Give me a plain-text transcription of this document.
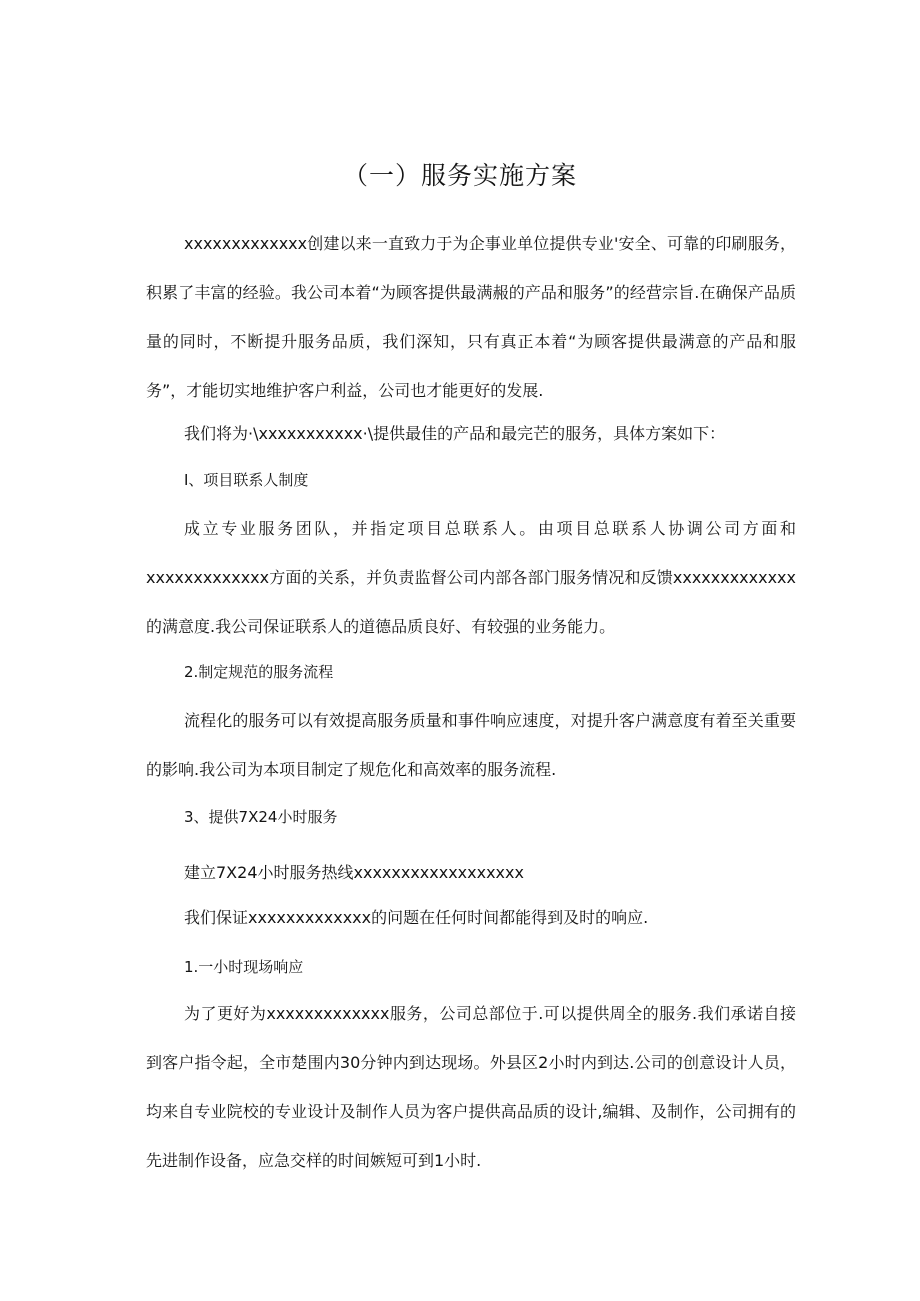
（一）服务实施方案

xxxxxxxxxxxxx创建以来一直致力于为企事业单位提供专业'安全、可靠的印刷服务，积累了丰富的经验。我公司本着“为顾客提供最满赧的产品和服务”的经营宗旨.在确保产品质量的同时，不断提升服务品质，我们深知，只有真正本着“为顾客提供最满意的产品和服务”，才能切实地维护客户利益，公司也才能更好的发展.

我们将为·\xxxxxxxxxxx·\提供最佳的产品和最完芒的服务，具体方案如下：

I、项目联系人制度

成立专业服务团队，并指定项目总联系人。由项目总联系人协调公司方面和xxxxxxxxxxxxx方面的关系，并负责监督公司内部各部门服务情况和反馈xxxxxxxxxxxxx的满意度.我公司保证联系人的道德品质良好、有较强的业务能力。

2.制定规范的服务流程

流程化的服务可以有效提高服务质量和事件响应速度，对提升客户满意度有着至关重要的影响.我公司为本项目制定了规危化和高效率的服务流程.

3、提供7X24小时服务

建立7X24小时服务热线xxxxxxxxxxxxxxxxxx

我们保证xxxxxxxxxxxxx的问题在任何时间都能得到及时的响应.

1.一小时现场响应

为了更好为xxxxxxxxxxxxx服务，公司总部位于.可以提供周全的服务.我们承诺自接到客户指令起，全市楚围内30分钟内到达现场。外县区2小时内到达.公司的创意设计人员，均来自专业院校的专业设计及制作人员为客户提供高品质的设计,编辑、及制作，公司拥有的先进制作设备，应急交样的时间嫉短可到1小时.
